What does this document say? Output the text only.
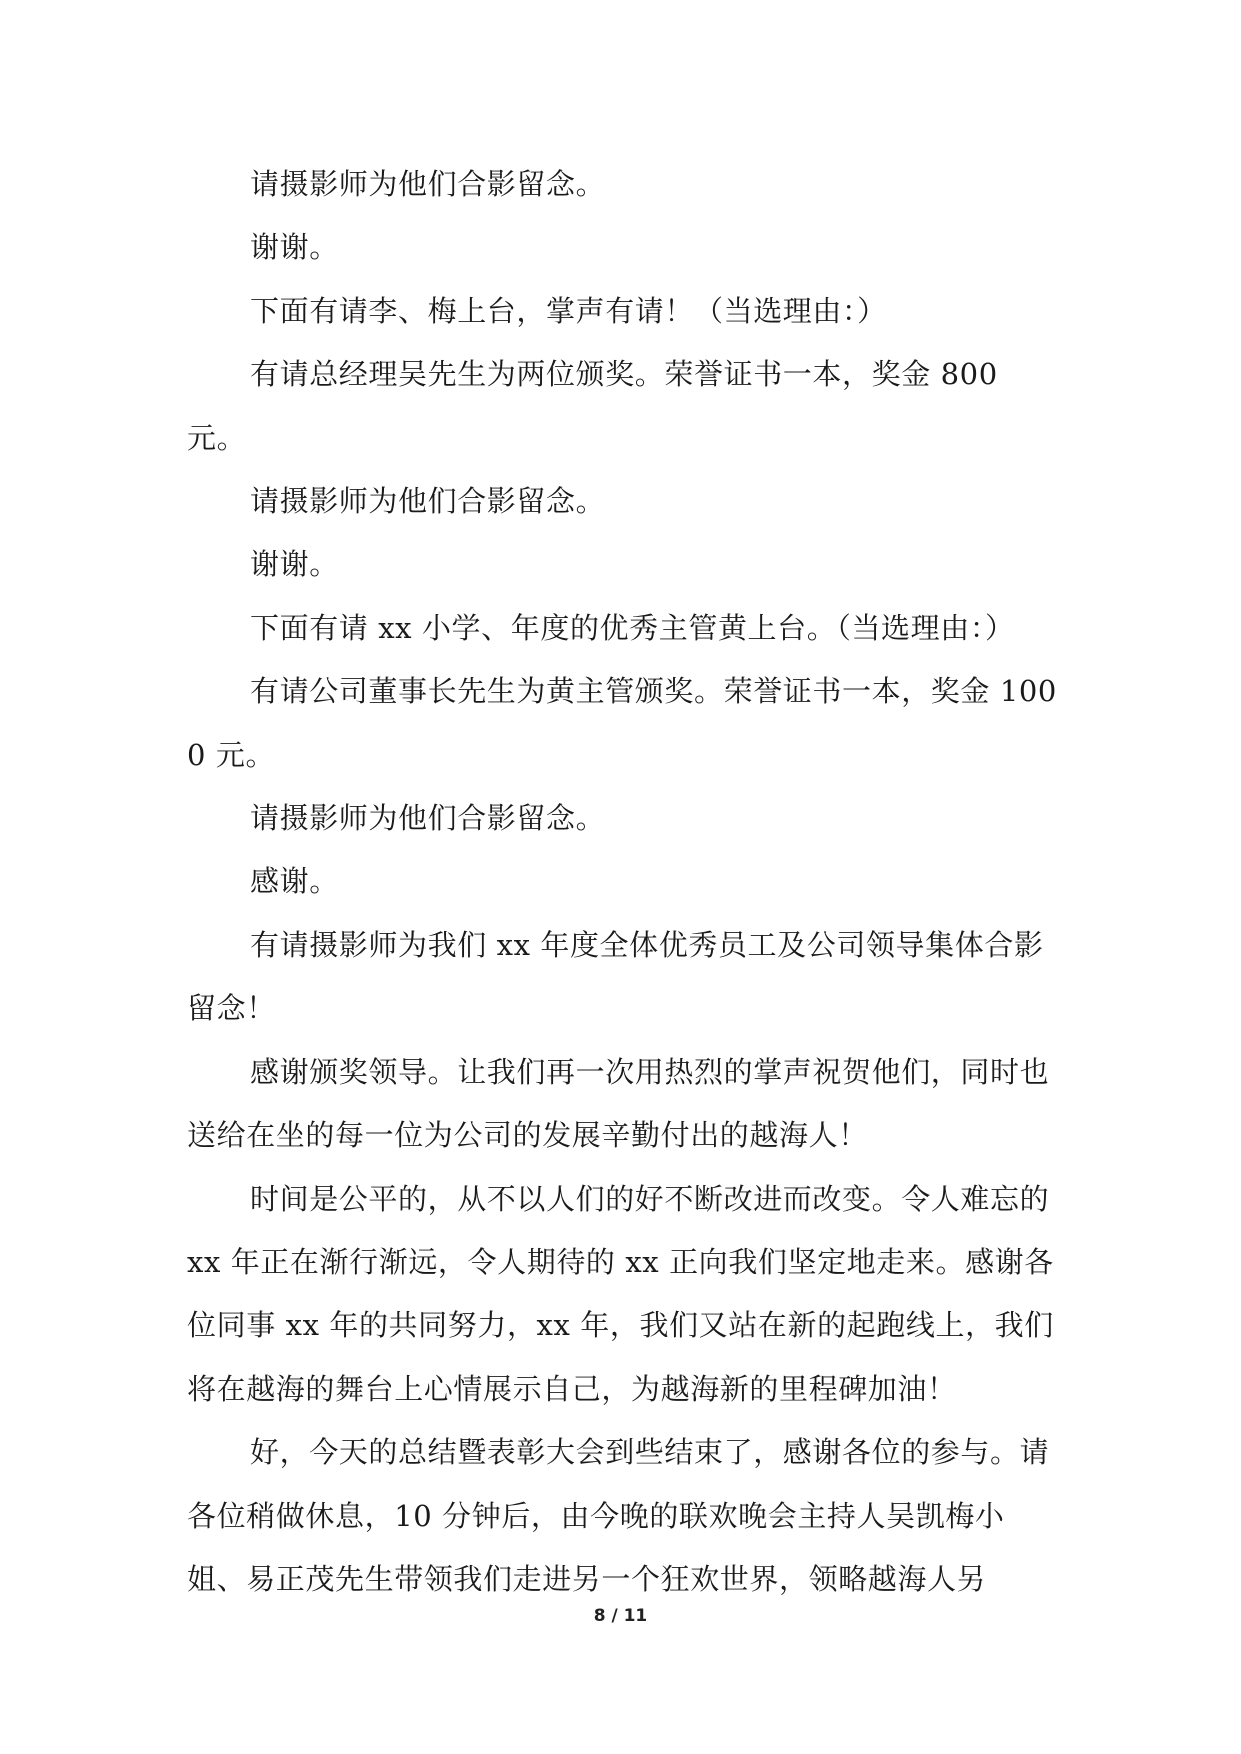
请摄影师为他们合影留念。

谢谢。

下面有请李、梅上台，掌声有请！（当选理由：）

有请总经理吴先生为两位颁奖。荣誉证书一本，奖金 800 元。

请摄影师为他们合影留念。

谢谢。

下面有请 xx 小学、年度的优秀主管黄上台。（当选理由：）

有请公司董事长先生为黄主管颁奖。荣誉证书一本，奖金 1000 元。

请摄影师为他们合影留念。

感谢。

有请摄影师为我们 xx 年度全体优秀员工及公司领导集体合影留念！

感谢颁奖领导。让我们再一次用热烈的掌声祝贺他们，同时也送给在坐的每一位为公司的发展辛勤付出的越海人！

时间是公平的，从不以人们的好不断改进而改变。令人难忘的 xx 年正在渐行渐远，令人期待的 xx 正向我们坚定地走来。感谢各位同事 xx 年的共同努力，xx 年，我们又站在新的起跑线上，我们将在越海的舞台上心情展示自己，为越海新的里程碑加油！

好，今天的总结暨表彰大会到些结束了，感谢各位的参与。请各位稍做休息，10 分钟后，由今晚的联欢晚会主持人吴凯梅小姐、易正茂先生带领我们走进另一个狂欢世界，领略越海人另

8 / 11
